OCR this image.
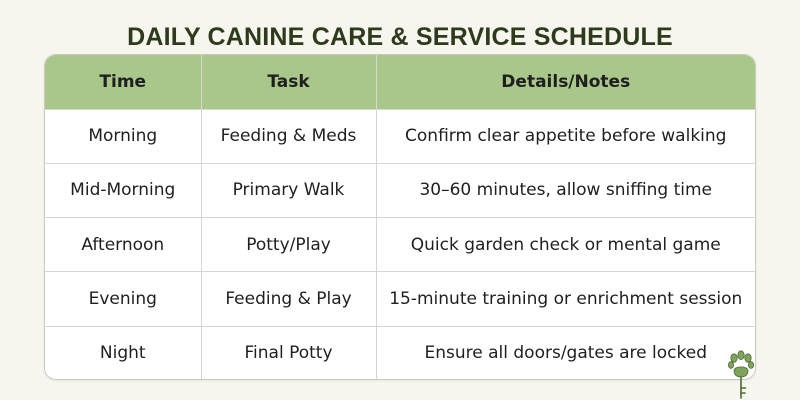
DAILY CANINE CARE & SERVICE SCHEDULE
Time	Task	Details/Notes
Morning	Feeding & Meds	Confirm clear appetite before walking
Mid-Morning	Primary Walk	30–60 minutes, allow sniffing time
Afternoon	Potty/Play	Quick garden check or mental game
Evening	Feeding & Play	15-minute training or enrichment session
Night	Final Potty	Ensure all doors/gates are locked
